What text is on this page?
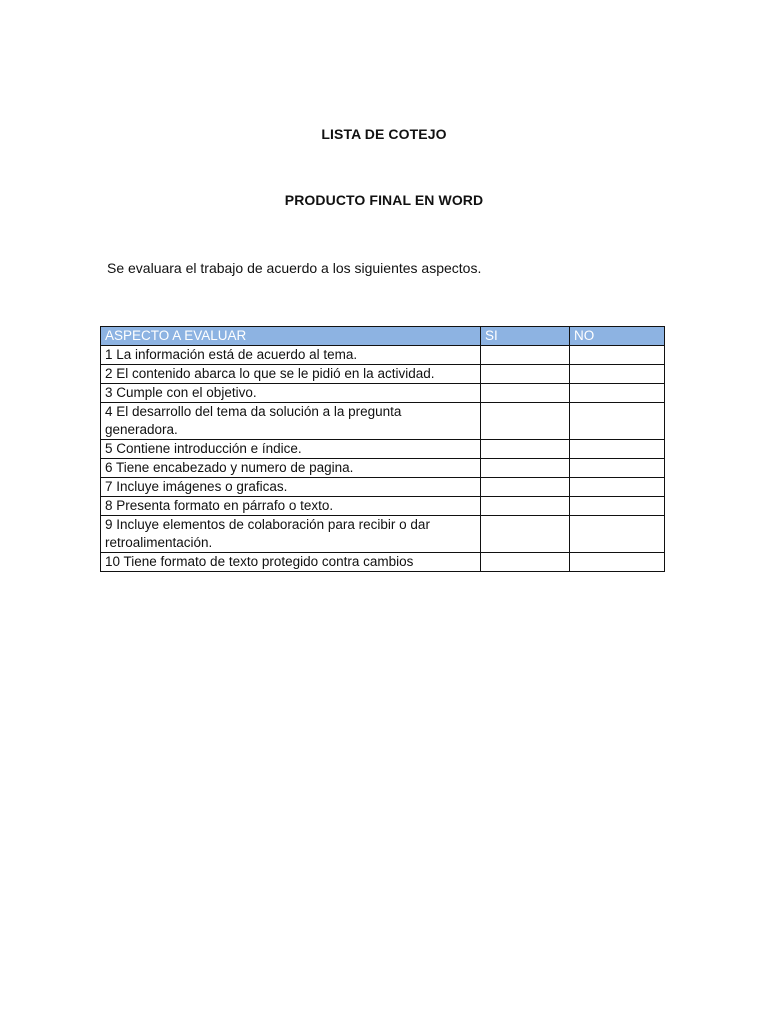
LISTA DE COTEJO
PRODUCTO FINAL EN WORD
Se evaluara el trabajo de acuerdo a los siguientes aspectos.
ASPECTO A EVALUAR	SI	NO
1 La información está de acuerdo al tema.		
2 El contenido abarca lo que se le pidió en la actividad.		
3 Cumple con el objetivo.		
4 El desarrollo del tema da solución a la pregunta generadora.		
5 Contiene introducción e índice.		
6 Tiene encabezado y numero de pagina.		
7 Incluye imágenes o graficas.		
8 Presenta formato en párrafo o texto.		
9 Incluye elementos de colaboración para recibir o dar retroalimentación.		
10 Tiene formato de texto protegido contra cambios		
